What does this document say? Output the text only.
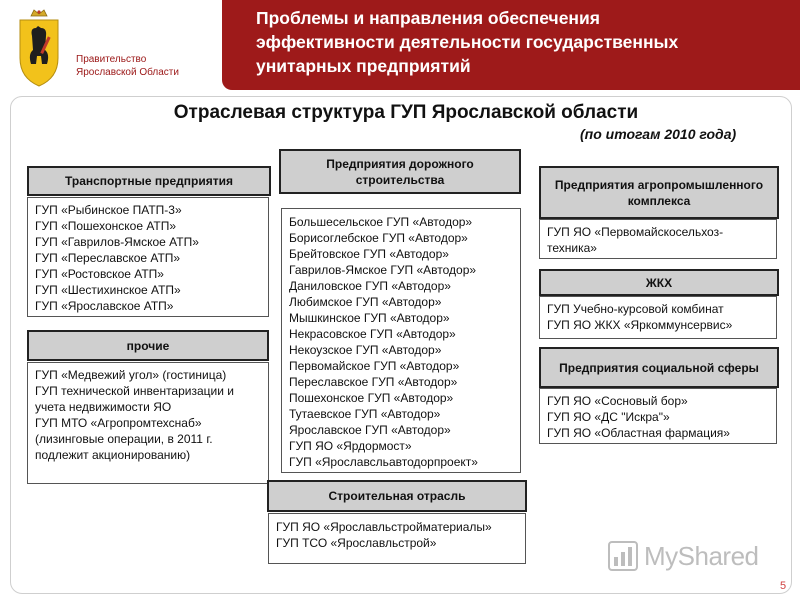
Правительство
Ярославской Области
Проблемы и направления обеспечения
эффективности деятельности государственных
унитарных предприятий
Отраслевая структура ГУП Ярославской области
(по итогам 2010 года)
Транспортные предприятия
ГУП «Рыбинское ПАТП-3»
ГУП «Пошехонское АТП»
ГУП «Гаврилов-Ямское АТП»
ГУП «Переславское АТП»
ГУП «Ростовское АТП»
ГУП «Шестихинское АТП»
ГУП «Ярославское АТП»
прочие
ГУП «Медвежий угол» (гостиница)
ГУП технической инвентаризации и учета недвижимости ЯО
ГУП МТО «Агропромтехснаб» (лизинговые операции, в 2011 г. подлежит акционированию)
Предприятия дорожного строительства
Большесельское ГУП «Автодор»
Борисоглебское ГУП «Автодор»
Брейтовское ГУП «Автодор»
Гаврилов-Ямское ГУП «Автодор»
Даниловское ГУП «Автодор»
Любимское ГУП «Автодор»
Мышкинское ГУП «Автодор»
Некрасовское ГУП «Автодор»
Некоузское ГУП «Автодор»
Первомайское ГУП «Автодор»
Переславское ГУП «Автодор»
Пошехонское ГУП «Автодор»
Тутаевское ГУП «Автодор»
Ярославское ГУП «Автодор»
ГУП ЯО «Ярдормост»
ГУП «Ярославсльавтодорпроект»
Строительная отрасль
ГУП ЯО «Ярославльстройматериалы»
ГУП ТСО «Ярославльстрой»
Предприятия агропромышленного комплекса
ГУП ЯО «Первомайскосельхоз-техника»
ЖКХ
ГУП Учебно-курсовой комбинат
ГУП ЯО ЖКХ «Яркоммунсервис»
Предприятия социальной сферы
ГУП ЯО «Сосновый бор»
ГУП ЯО «ДС "Искра"»
ГУП ЯО «Областная фармация»
MyShared
5
